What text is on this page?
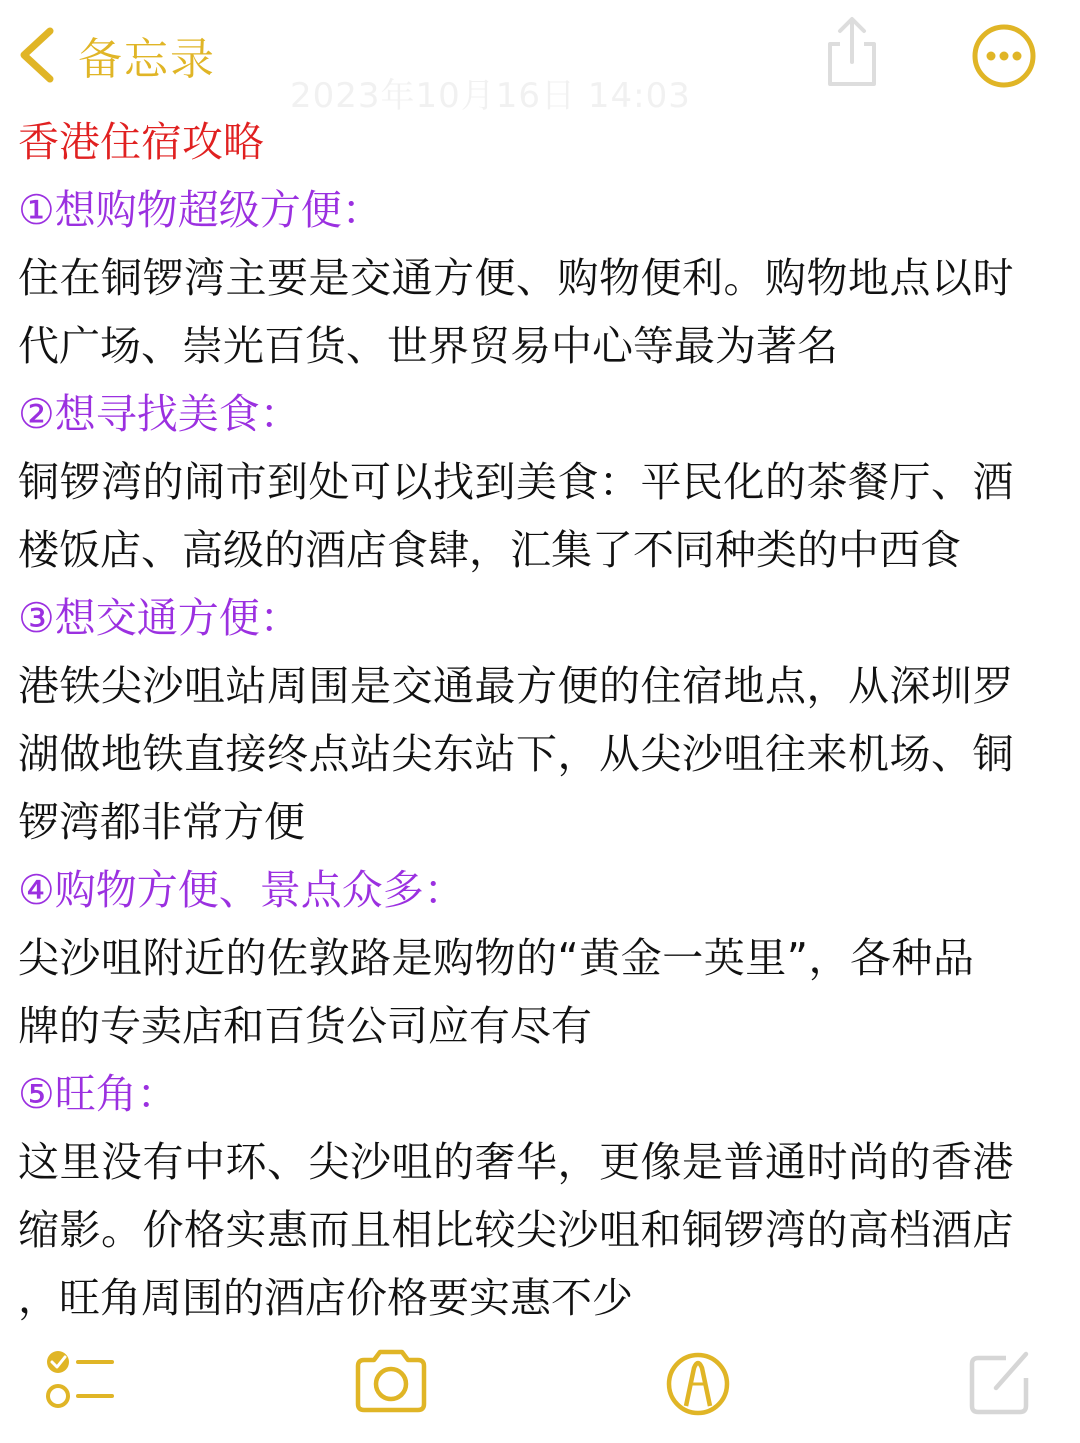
备忘录
2023年10月16日 14:03
香港住宿攻略
①想购物超级方便：
住在铜锣湾主要是交通方便、购物便利。购物地点以时
代广场、崇光百货、世界贸易中心等最为著名
②想寻找美食：
铜锣湾的闹市到处可以找到美食：平民化的茶餐厅、酒
楼饭店、高级的酒店食肆，汇集了不同种类的中西食
③想交通方便：
港铁尖沙咀站周围是交通最方便的住宿地点，从深圳罗
湖做地铁直接终点站尖东站下，从尖沙咀往来机场、铜
锣湾都非常方便
④购物方便、景点众多：
尖沙咀附近的佐敦路是购物的“黄金一英里”，各种品
牌的专卖店和百货公司应有尽有
⑤旺角：
这里没有中环、尖沙咀的奢华，更像是普通时尚的香港
缩影。价格实惠而且相比较尖沙咀和铜锣湾的高档酒店
，旺角周围的酒店价格要实惠不少
